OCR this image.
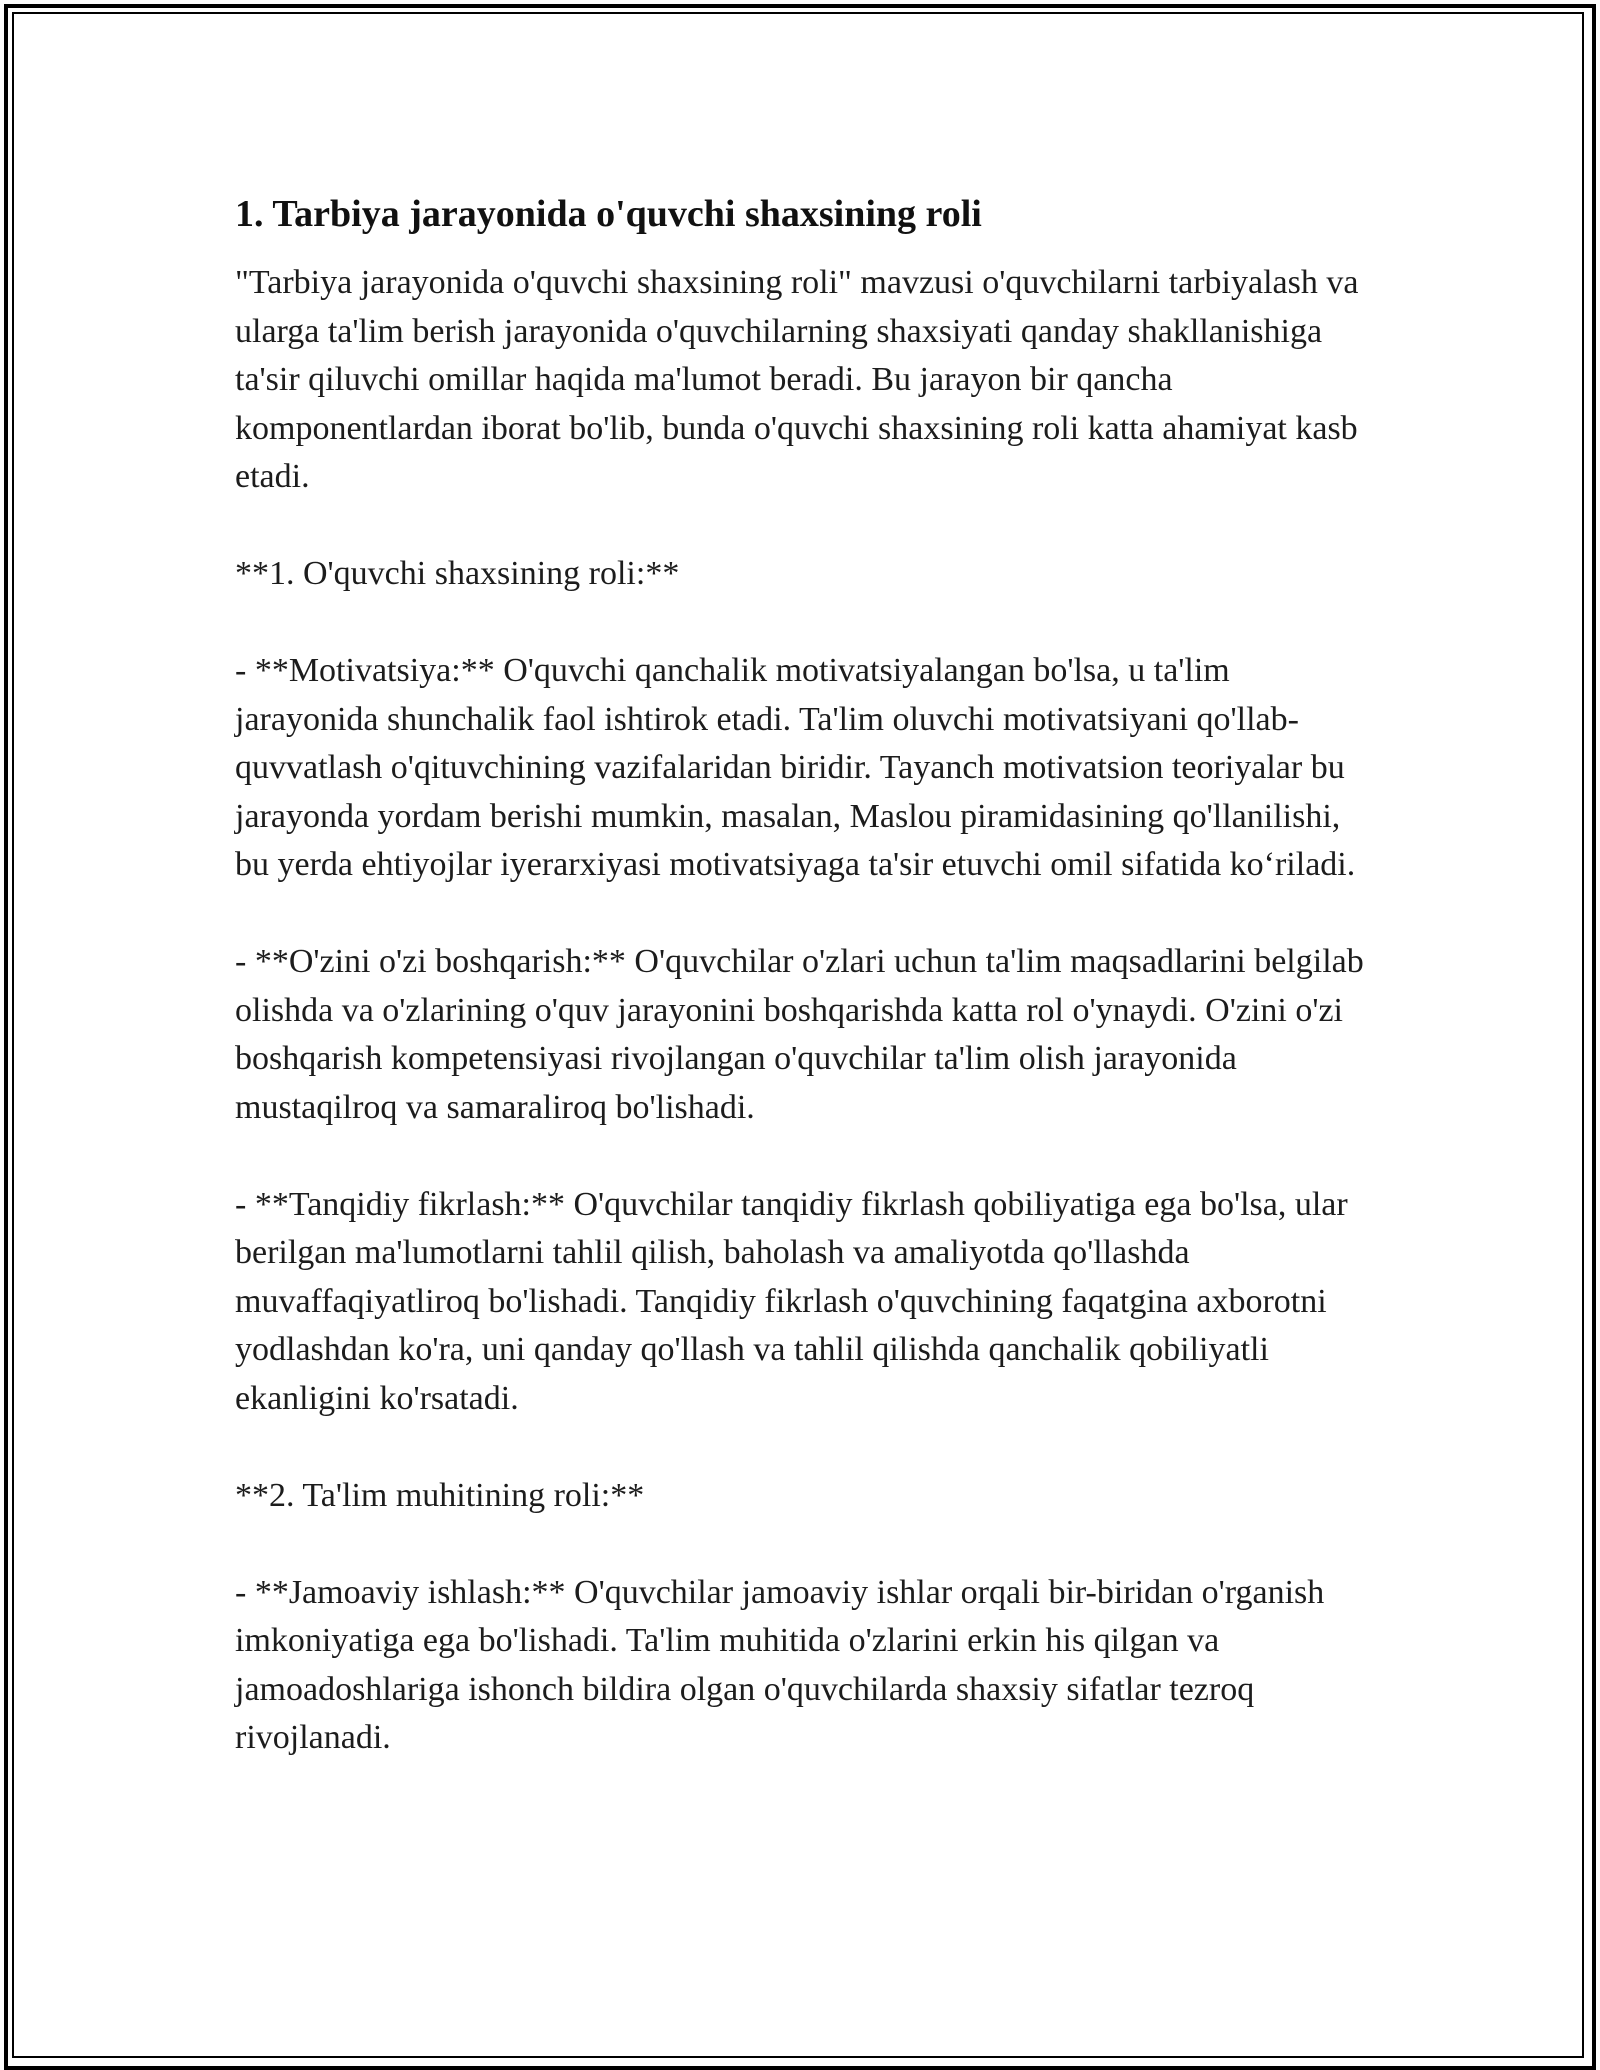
1. Tarbiya jarayonida o'quvchi shaxsining roli

"Tarbiya jarayonida o'quvchi shaxsining roli" mavzusi o'quvchilarni tarbiyalash va ularga ta'lim berish jarayonida o'quvchilarning shaxsiyati qanday shakllanishiga ta'sir qiluvchi omillar haqida ma'lumot beradi. Bu jarayon bir qancha komponentlardan iborat bo'lib, bunda o'quvchi shaxsining roli katta ahamiyat kasb etadi.

**1. O'quvchi shaxsining roli:**

- **Motivatsiya:** O'quvchi qanchalik motivatsiyalangan bo'lsa, u ta'lim jarayonida shunchalik faol ishtirok etadi. Ta'lim oluvchi motivatsiyani qo'llab-quvvatlash o'qituvchining vazifalaridan biridir. Tayanch motivatsion teoriyalar bu jarayonda yordam berishi mumkin, masalan, Maslou piramidasining qo'llanilishi, bu yerda ehtiyojlar iyerarxiyasi motivatsiyaga ta'sir etuvchi omil sifatida ko‘riladi.

- **O'zini o'zi boshqarish:** O'quvchilar o'zlari uchun ta'lim maqsadlarini belgilab olishda va o'zlarining o'quv jarayonini boshqarishda katta rol o'ynaydi. O'zini o'zi boshqarish kompetensiyasi rivojlangan o'quvchilar ta'lim olish jarayonida mustaqilroq va samaraliroq bo'lishadi.

- **Tanqidiy fikrlash:** O'quvchilar tanqidiy fikrlash qobiliyatiga ega bo'lsa, ular berilgan ma'lumotlarni tahlil qilish, baholash va amaliyotda qo'llashda muvaffaqiyatliroq bo'lishadi. Tanqidiy fikrlash o'quvchining faqatgina axborotni yodlashdan ko'ra, uni qanday qo'llash va tahlil qilishda qanchalik qobiliyatli ekanligini ko'rsatadi.

**2. Ta'lim muhitining roli:**

- **Jamoaviy ishlash:** O'quvchilar jamoaviy ishlar orqali bir-biridan o'rganish imkoniyatiga ega bo'lishadi. Ta'lim muhitida o'zlarini erkin his qilgan va jamoadoshlariga ishonch bildira olgan o'quvchilarda shaxsiy sifatlar tezroq rivojlanadi.
